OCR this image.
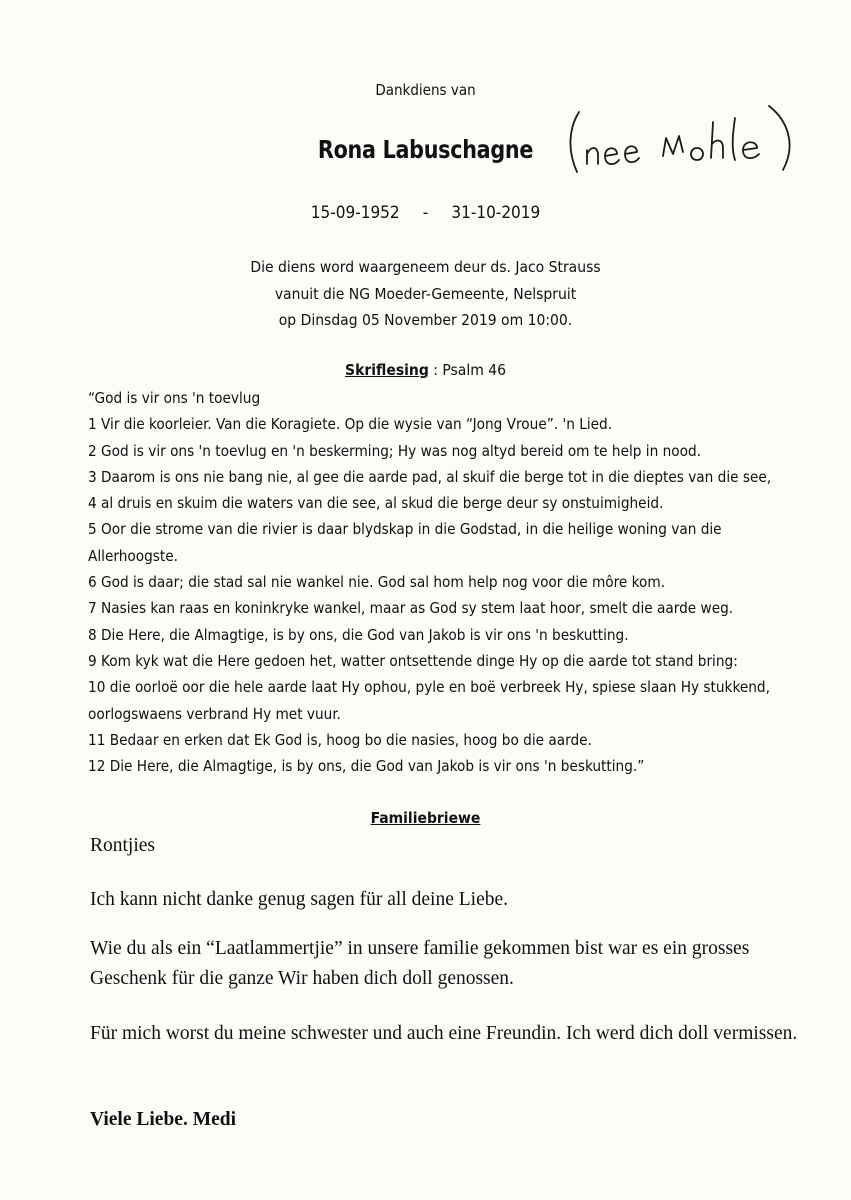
Dankdiens van
Rona Labuschagne
15-09-1952 - 31-10-2019
Die diens word waargeneem deur ds. Jaco Strauss
vanuit die NG Moeder-Gemeente, Nelspruit
op Dinsdag 05 November 2019 om 10:00.
Skriflesing : Psalm 46
“God is vir ons 'n toevlug
1 Vir die koorleier. Van die Koragiete. Op die wysie van “Jong Vroue”. 'n Lied.
2 God is vir ons 'n toevlug en 'n beskerming; Hy was nog altyd bereid om te help in nood.
3 Daarom is ons nie bang nie, al gee die aarde pad, al skuif die berge tot in die dieptes van die see,
4 al druis en skuim die waters van die see, al skud die berge deur sy onstuimigheid.
5 Oor die strome van die rivier is daar blydskap in die Godstad, in die heilige woning van die
Allerhoogste.
6 God is daar; die stad sal nie wankel nie. God sal hom help nog voor die môre kom.
7 Nasies kan raas en koninkryke wankel, maar as God sy stem laat hoor, smelt die aarde weg.
8 Die Here, die Almagtige, is by ons, die God van Jakob is vir ons 'n beskutting.
9 Kom kyk wat die Here gedoen het, watter ontsettende dinge Hy op die aarde tot stand bring:
10 die oorloë oor die hele aarde laat Hy ophou, pyle en boë verbreek Hy, spiese slaan Hy stukkend,
oorlogswaens verbrand Hy met vuur.
11 Bedaar en erken dat Ek God is, hoog bo die nasies, hoog bo die aarde.
12 Die Here, die Almagtige, is by ons, die God van Jakob is vir ons 'n beskutting.”
Familiebriewe
Rontjies
Ich kann nicht danke genug sagen für all deine Liebe.
Wie du als ein “Laatlammertjie” in unsere familie gekommen bist war es ein grosses Geschenk für die ganze Wir haben dich doll genossen.
Für mich worst du meine schwester und auch eine Freundin. Ich werd dich doll vermissen.
Viele Liebe. Medi
